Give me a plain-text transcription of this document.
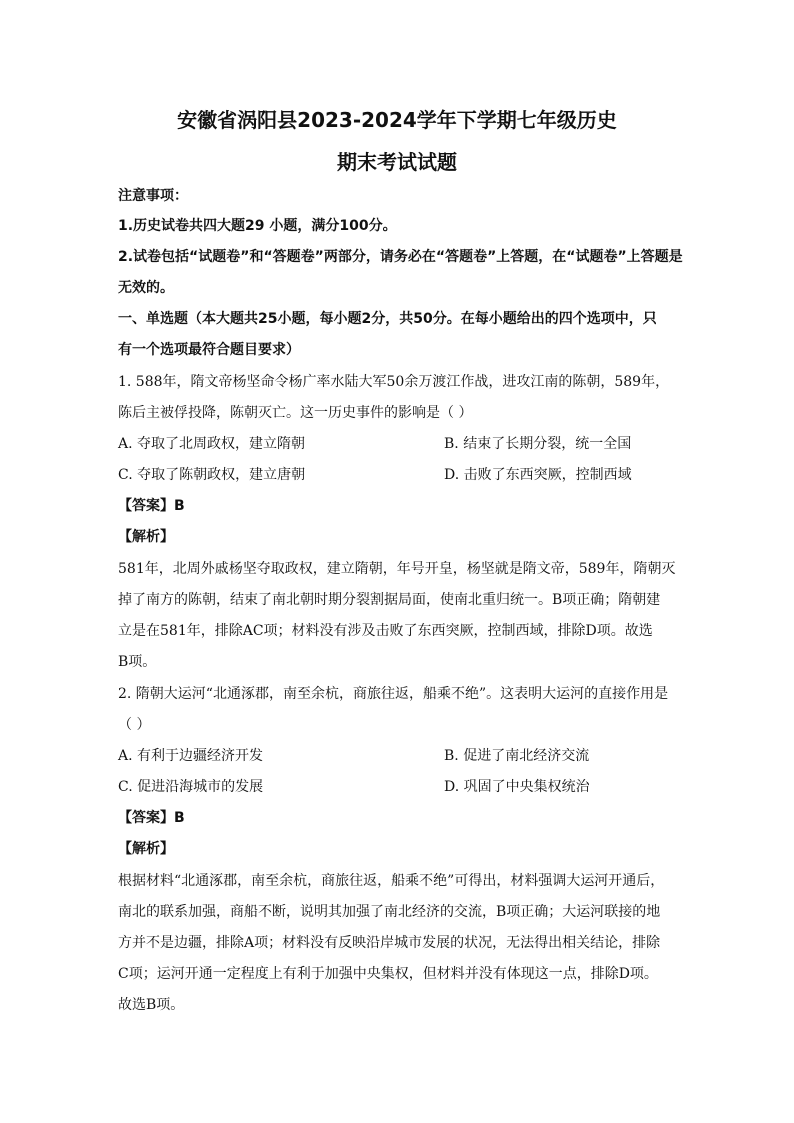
安徽省涡阳县2023-2024学年下学期七年级历史
期末考试试题
注意事项：
1.历史试卷共四大题29 小题，满分100分。
2.试卷包括“试题卷”和“答题卷”两部分，请务必在“答题卷”上答题，在“试题卷”上答题是
无效的。
一、单选题（本大题共25小题，每小题2分，共50分。在每小题给出的四个选项中，只
有一个选项最符合题目要求）
1. 588年，隋文帝杨坚命令杨广率水陆大军50余万渡江作战，进攻江南的陈朝，589年，
陈后主被俘投降，陈朝灭亡。这一历史事件的影响是（ ）
A. 夺取了北周政权，建立隋朝	B. 结束了长期分裂，统一全国
C. 夺取了陈朝政权，建立唐朝	D. 击败了东西突厥，控制西域
【答案】B
【解析】
581年，北周外戚杨坚夺取政权，建立隋朝，年号开皇，杨坚就是隋文帝，589年，隋朝灭
掉了南方的陈朝，结束了南北朝时期分裂割据局面，使南北重归统一。B项正确；隋朝建
立是在581年，排除AC项；材料没有涉及击败了东西突厥，控制西域，排除D项。故选
B项。
2. 隋朝大运河“北通涿郡，南至余杭，商旅往返，船乘不绝”。这表明大运河的直接作用是
（ ）
A. 有利于边疆经济开发	B. 促进了南北经济交流
C. 促进沿海城市的发展	D. 巩固了中央集权统治
【答案】B
【解析】
根据材料“北通涿郡，南至余杭，商旅往返，船乘不绝”可得出，材料强调大运河开通后，
南北的联系加强，商船不断，说明其加强了南北经济的交流，B项正确；大运河联接的地
方并不是边疆，排除A项；材料没有反映沿岸城市发展的状况，无法得出相关结论，排除
C项；运河开通一定程度上有利于加强中央集权，但材料并没有体现这一点，排除D项。
故选B项。
